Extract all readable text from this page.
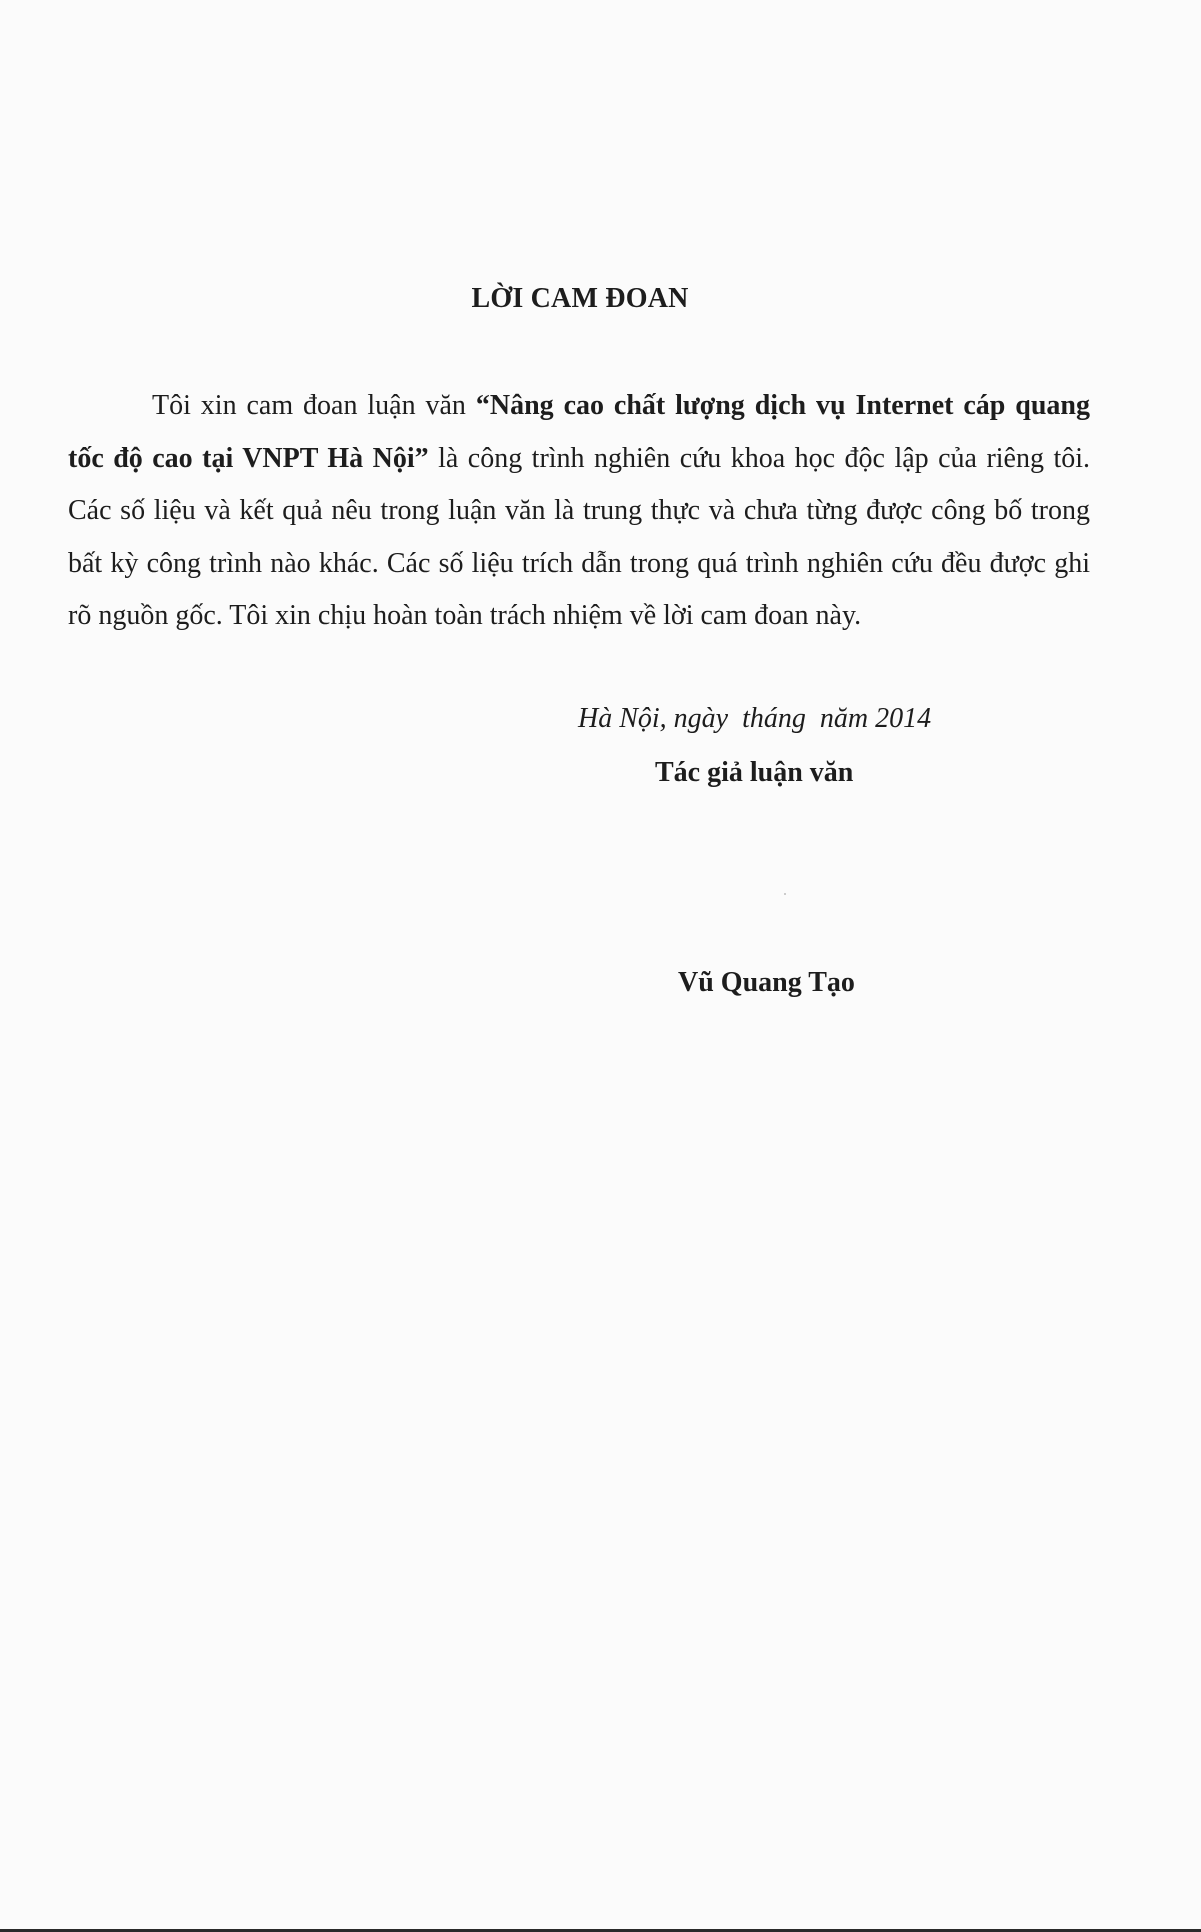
LỜI CAM ĐOAN
Tôi xin cam đoan luận văn “Nâng cao chất lượng dịch vụ Internet cáp quang tốc độ cao tại VNPT Hà Nội” là công trình nghiên cứu khoa học độc lập của riêng tôi. Các số liệu và kết quả nêu trong luận văn là trung thực và chưa từng được công bố trong bất kỳ công trình nào khác. Các số liệu trích dẫn trong quá trình nghiên cứu đều được ghi rõ nguồn gốc. Tôi xin chịu hoàn toàn trách nhiệm về lời cam đoan này.
Hà Nội, ngày  tháng  năm 2014
Tác giả luận văn
Vũ Quang Tạo
